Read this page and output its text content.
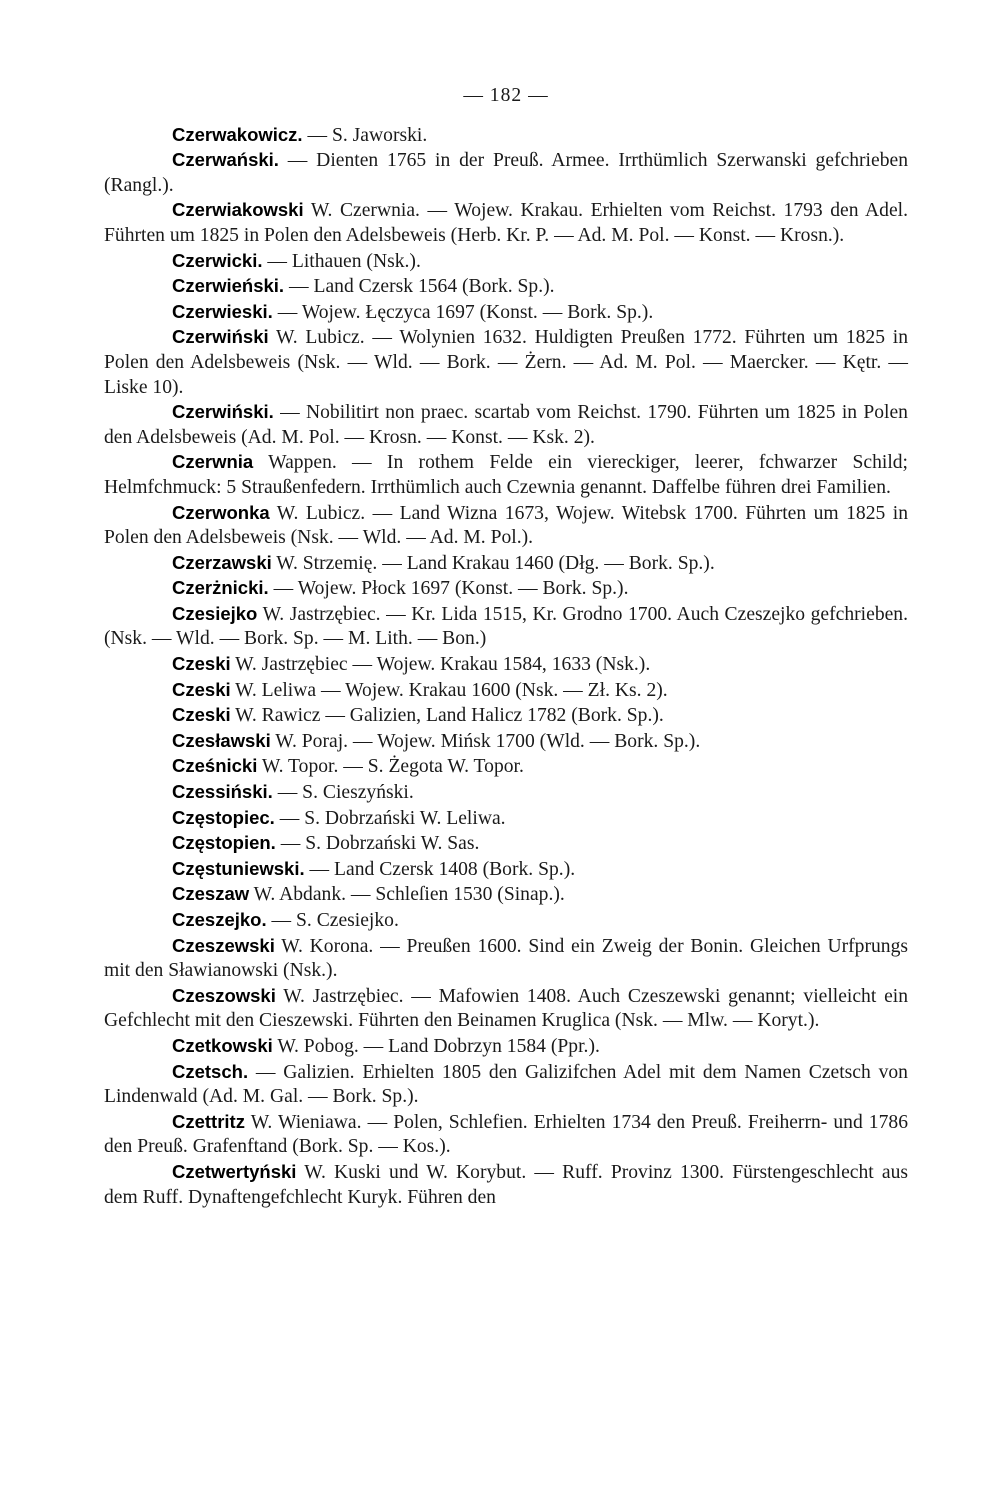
— 182 —

Czerwakowicz. — S. Jaworski.

Czerwański. — Dienten 1765 in der Preuß. Armee. Irrthümlich Szerwanski gefchrieben (Rangl.).

Czerwiakowski W. Czerwnia. — Wojew. Krakau. Erhielten vom Reichst. 1793 den Adel. Führten um 1825 in Polen den Adelsbeweis (Herb. Kr. P. — Ad. M. Pol. — Konst. — Krosn.).

Czerwicki. — Lithauen (Nsk.).

Czerwieński. — Land Czersk 1564 (Bork. Sp.).

Czerwieski. — Wojew. Łęczyca 1697 (Konst. — Bork. Sp.).

Czerwiński W. Lubicz. — Wolynien 1632. Huldigten Preußen 1772. Führten um 1825 in Polen den Adelsbeweis (Nsk. — Wld. — Bork. — Żern. — Ad. M. Pol. — Maercker. — Kętr. — Liske 10).

Czerwiński. — Nobilitirt non praec. scartab vom Reichst. 1790. Führten um 1825 in Polen den Adelsbeweis (Ad. M. Pol. — Krosn. — Konst. — Ksk. 2).

Czerwnia Wappen. — In rothem Felde ein viereckiger, leerer, fchwarzer Schild; Helmfchmuck: 5 Straußenfedern. Irrthümlich auch Czewnia genannt. Daffelbe führen drei Familien.

Czerwonka W. Lubicz. — Land Wizna 1673, Wojew. Witebsk 1700. Führten um 1825 in Polen den Adelsbeweis (Nsk. — Wld. — Ad. M. Pol.).

Czerzawski W. Strzemię. — Land Krakau 1460 (Dłg. — Bork. Sp.).

Czerżnicki. — Wojew. Płock 1697 (Konst. — Bork. Sp.).

Czesiejko W. Jastrzębiec. — Kr. Lida 1515, Kr. Grodno 1700. Auch Czeszejko gefchrieben. (Nsk. — Wld. — Bork. Sp. — M. Lith. — Bon.)

Czeski W. Jastrzębiec — Wojew. Krakau 1584, 1633 (Nsk.).

Czeski W. Leliwa — Wojew. Krakau 1600 (Nsk. — Zł. Ks. 2).

Czeski W. Rawicz — Galizien, Land Halicz 1782 (Bork. Sp.).

Czesławski W. Poraj. — Wojew. Mińsk 1700 (Wld. — Bork. Sp.).

Cześnicki W. Topor. — S. Żegota W. Topor.

Czessiński. — S. Cieszyński.

Częstopiec. — S. Dobrzański W. Leliwa.

Częstopien. — S. Dobrzański W. Sas.

Częstuniewski. — Land Czersk 1408 (Bork. Sp.).

Czeszaw W. Abdank. — Schleſien 1530 (Sinap.).

Czeszejko. — S. Czesiejko.

Czeszewski W. Korona. — Preußen 1600. Sind ein Zweig der Bonin. Gleichen Urfprungs mit den Sławianowski (Nsk.).

Czeszowski W. Jastrzębiec. — Mafowien 1408. Auch Czeszewski genannt; vielleicht ein Gefchlecht mit den Cieszewski. Führten den Beinamen Kruglica (Nsk. — Mlw. — Koryt.).

Czetkowski W. Pobog. — Land Dobrzyn 1584 (Ppr.).

Czetsch. — Galizien. Erhielten 1805 den Galizifchen Adel mit dem Namen Czetsch von Lindenwald (Ad. M. Gal. — Bork. Sp.).

Czettritz W. Wieniawa. — Polen, Schlefien. Erhielten 1734 den Preuß. Freiherrn- und 1786 den Preuß. Grafenftand (Bork. Sp. — Kos.).

Czetwertyński W. Kuski und W. Korybut. — Ruff. Provinz 1300. Fürstengeschlecht aus dem Ruff. Dynaftengefchlecht Kuryk. Führen den
